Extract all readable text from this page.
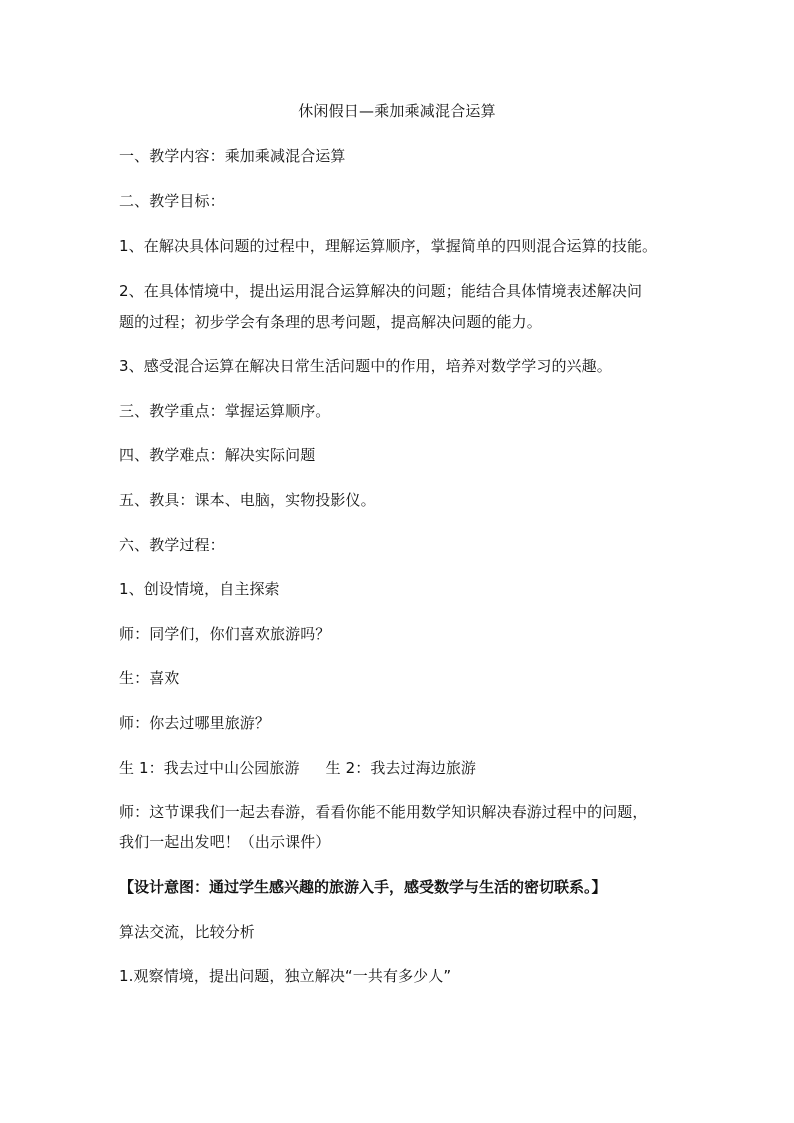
休闲假日—乘加乘减混合运算
一、教学内容：乘加乘减混合运算
二、教学目标：
1、在解决具体问题的过程中，理解运算顺序，掌握简单的四则混合运算的技能。
2、在具体情境中，提出运用混合运算解决的问题；能结合具体情境表述解决问
题的过程；初步学会有条理的思考问题，提高解决问题的能力。
3、感受混合运算在解决日常生活问题中的作用，培养对数学学习的兴趣。
三、教学重点：掌握运算顺序。
四、教学难点：解决实际问题
五、教具：课本、电脑，实物投影仪。
六、教学过程：
1、创设情境，自主探索
师：同学们，你们喜欢旅游吗？
生：喜欢
师：你去过哪里旅游？
生 1：我去过中山公园旅游 生 2：我去过海边旅游
师：这节课我们一起去春游，看看你能不能用数学知识解决春游过程中的问题，
我们一起出发吧！（出示课件）
【设计意图：通过学生感兴趣的旅游入手，感受数学与生活的密切联系。】
算法交流，比较分析
1.观察情境，提出问题，独立解决“一共有多少人”
